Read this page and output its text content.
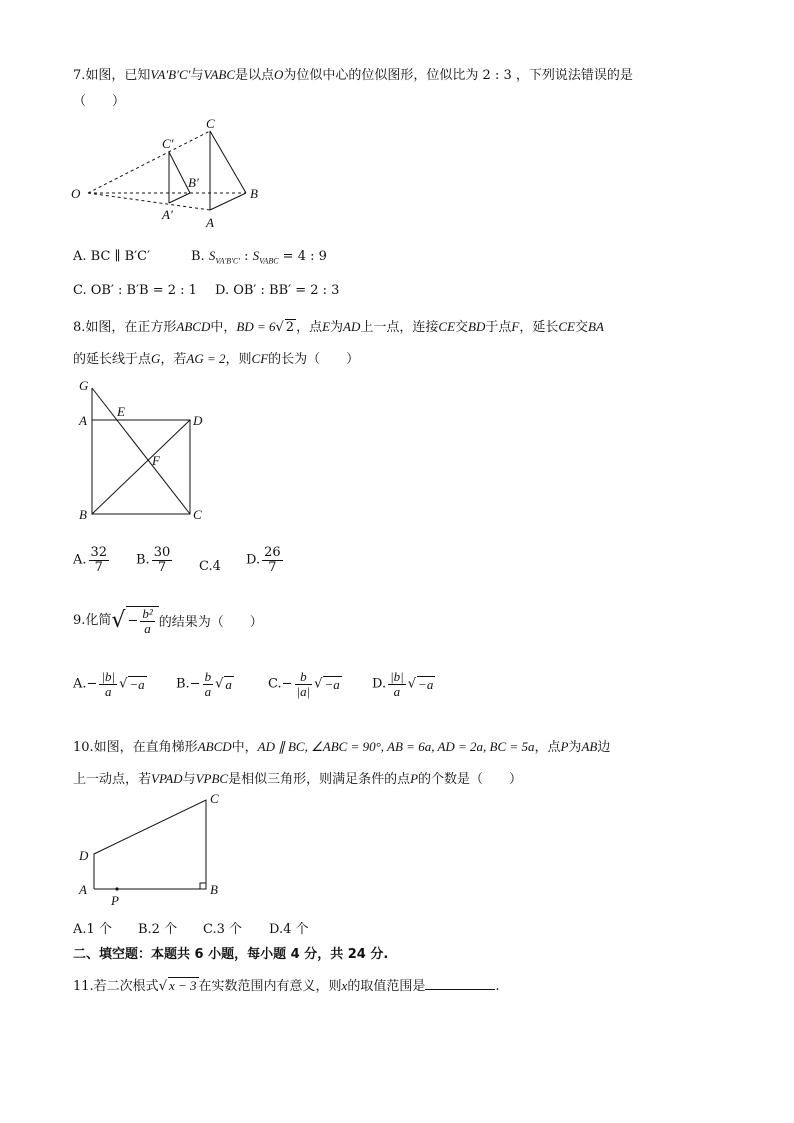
7.如图，已知VA′B′C′与VABC是以点O为位似中心的位似图形，位似比为 2 : 3 ，下列说法错误的是
（　　）
C′
C
O
B′
B
A′
A
A. BC ∥ B′C′	B. $S_{VA'B'C'}$ : $S_{VABC} = 4$ : 9
C. OB′ : B′B = 2 : 1 D. OB′ : BB′ = 2 : 3
8.如图，在正方形ABCD中，BD = 6√ 2 ，点E为AD上一点，连接CE交BD于点F，延长CE交BA
的延长线于点G，若AG = 2，则CF的长为（　　）
G
A
E
D
F
B	C
A. $\frac{32}{7} B$. $\frac{30}{7} C.4$ D. $\frac{26}{7}$
9.化简√ − $\frac{\text{b²}}{a}$ 的结果为（　　）
$A.- \frac{|b|}{a}$ √ −a $B.- \frac{b}{a}$ √ a	$C.- \frac{b}{|a|}$ √ −a D. $\frac{|b|}{a}$ √ −a
10.如图，在直角梯形ABCD中，AD ∥ BC, ∠ABC = 90°, AB = 6a, AD = 2a, BC = 5a，点P为AB边
上一动点，若VPAD与VPBC是相似三角形，则满足条件的点P的个数是（　　）
C
D
A	B
P
A.1 个 B.2 个 C.3 个 D.4 个
二、填空题：本题共 6 小题，每小题 4 分，共 24 分.
11.若二次根式√ x − 3 在实数范围内有意义，则x的取值范围是	.
